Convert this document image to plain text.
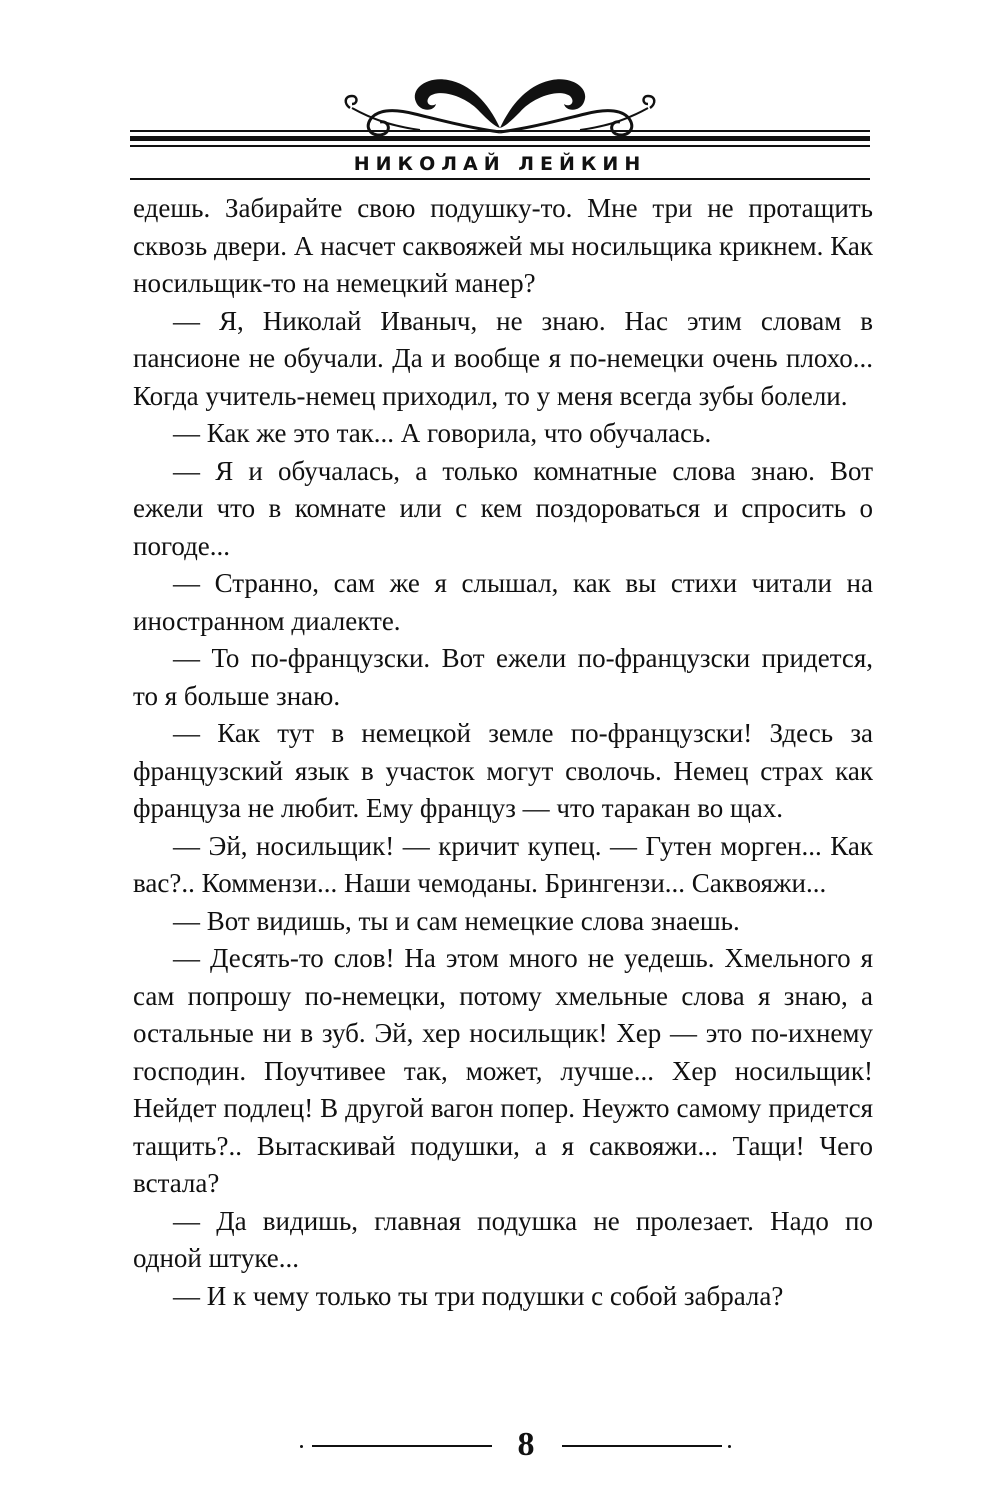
НИКОЛАЙ ЛЕЙКИН

едешь. Забирайте свою подушку-то. Мне три не протащить сквозь двери. А насчет саквояжей мы носильщика крикнем. Как носильщик-то на немецкий манер?

— Я, Николай Иваныч, не знаю. Нас этим словам в пансионе не обучали. Да и вообще я по-немецки очень плохо... Когда учитель-немец приходил, то у меня всегда зубы болели.

— Как же это так... А говорила, что обучалась.

— Я и обучалась, а только комнатные слова знаю. Вот ежели что в комнате или с кем поздороваться и спросить о погоде...

— Странно, сам же я слышал, как вы стихи читали на иностранном диалекте.

— То по-французски. Вот ежели по-французски придется, то я больше знаю.

— Как тут в немецкой земле по-французски! Здесь за французский язык в участок могут сволочь. Немец страх как француза не любит. Ему француз — что таракан во щах.

— Эй, носильщик! — кричит купец. — Гутен морген... Как вас?.. Коммензи... Наши чемоданы. Брингензи... Саквояжи...

— Вот видишь, ты и сам немецкие слова знаешь.

— Десять-то слов! На этом много не уедешь. Хмельного я сам попрошу по-немецки, потому хмельные слова я знаю, а остальные ни в зуб. Эй, хер носильщик! Хер — это по-ихнему господин. Поучтивее так, может, лучше... Хер носильщик! Нейдет подлец! В другой вагон попер. Неужто самому придется тащить?.. Вытаскивай подушки, а я саквояжи... Тащи! Чего встала?

— Да видишь, главная подушка не пролезает. Надо по одной штуке...

— И к чему только ты три подушки с собой забрала?

8
